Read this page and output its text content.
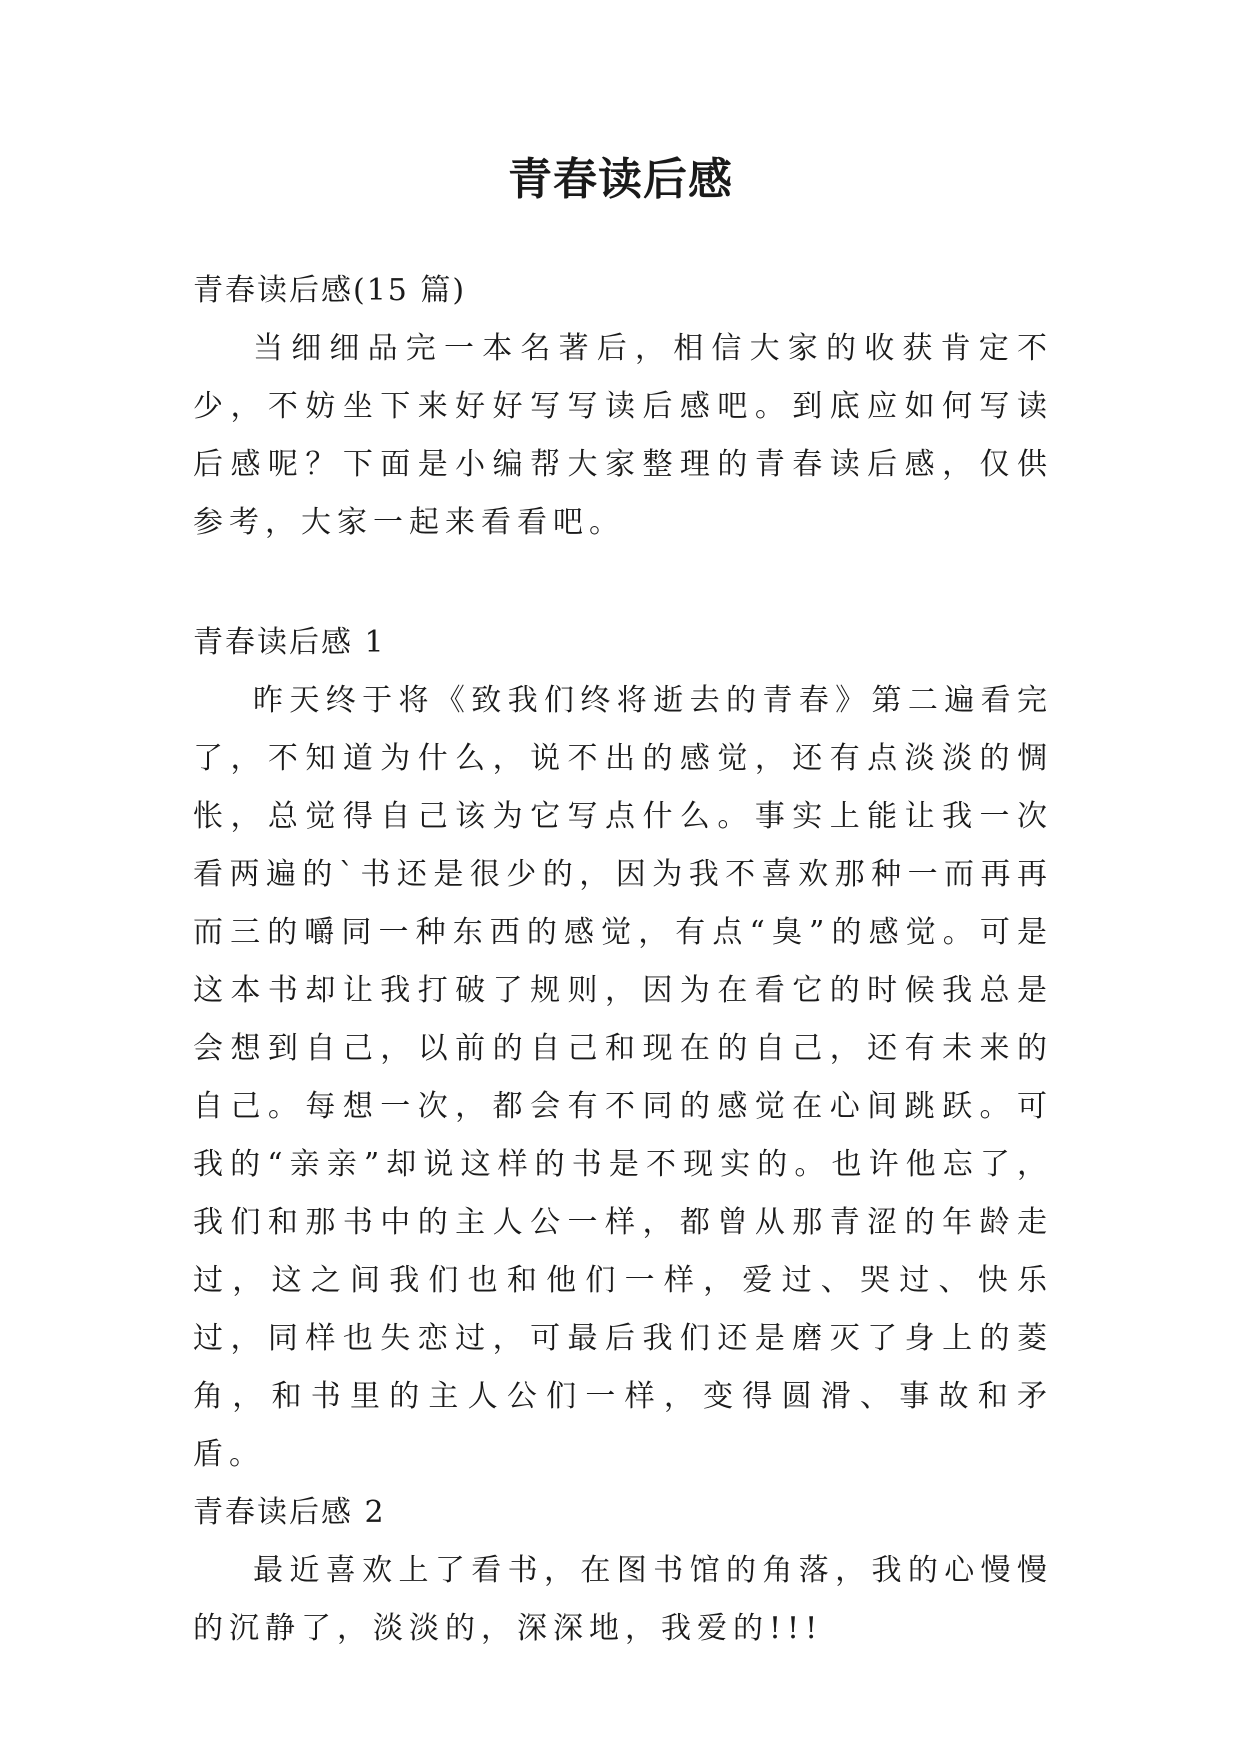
青春读后感

青春读后感(15 篇)

当细细品完一本名著后，相信大家的收获肯定不少，不妨坐下来好好写写读后感吧。到底应如何写读后感呢？下面是小编帮大家整理的青春读后感，仅供参考，大家一起来看看吧。

青春读后感 1

昨天终于将《致我们终将逝去的青春》第二遍看完了，不知道为什么，说不出的感觉，还有点淡淡的惆怅，总觉得自己该为它写点什么。事实上能让我一次看两遍的`书还是很少的，因为我不喜欢那种一而再再而三的嚼同一种东西的感觉，有点“臭”的感觉。可是这本书却让我打破了规则，因为在看它的时候我总是会想到自己，以前的自己和现在的自己，还有未来的自己。每想一次，都会有不同的感觉在心间跳跃。可我的“亲亲”却说这样的书是不现实的。也许他忘了，我们和那书中的主人公一样，都曾从那青涩的年龄走过，这之间我们也和他们一样，爱过、哭过、快乐过，同样也失恋过，可最后我们还是磨灭了身上的菱角，和书里的主人公们一样，变得圆滑、事故和矛盾。

青春读后感 2

最近喜欢上了看书，在图书馆的角落，我的心慢慢的沉静了，淡淡的，深深地，我爱的!!!
